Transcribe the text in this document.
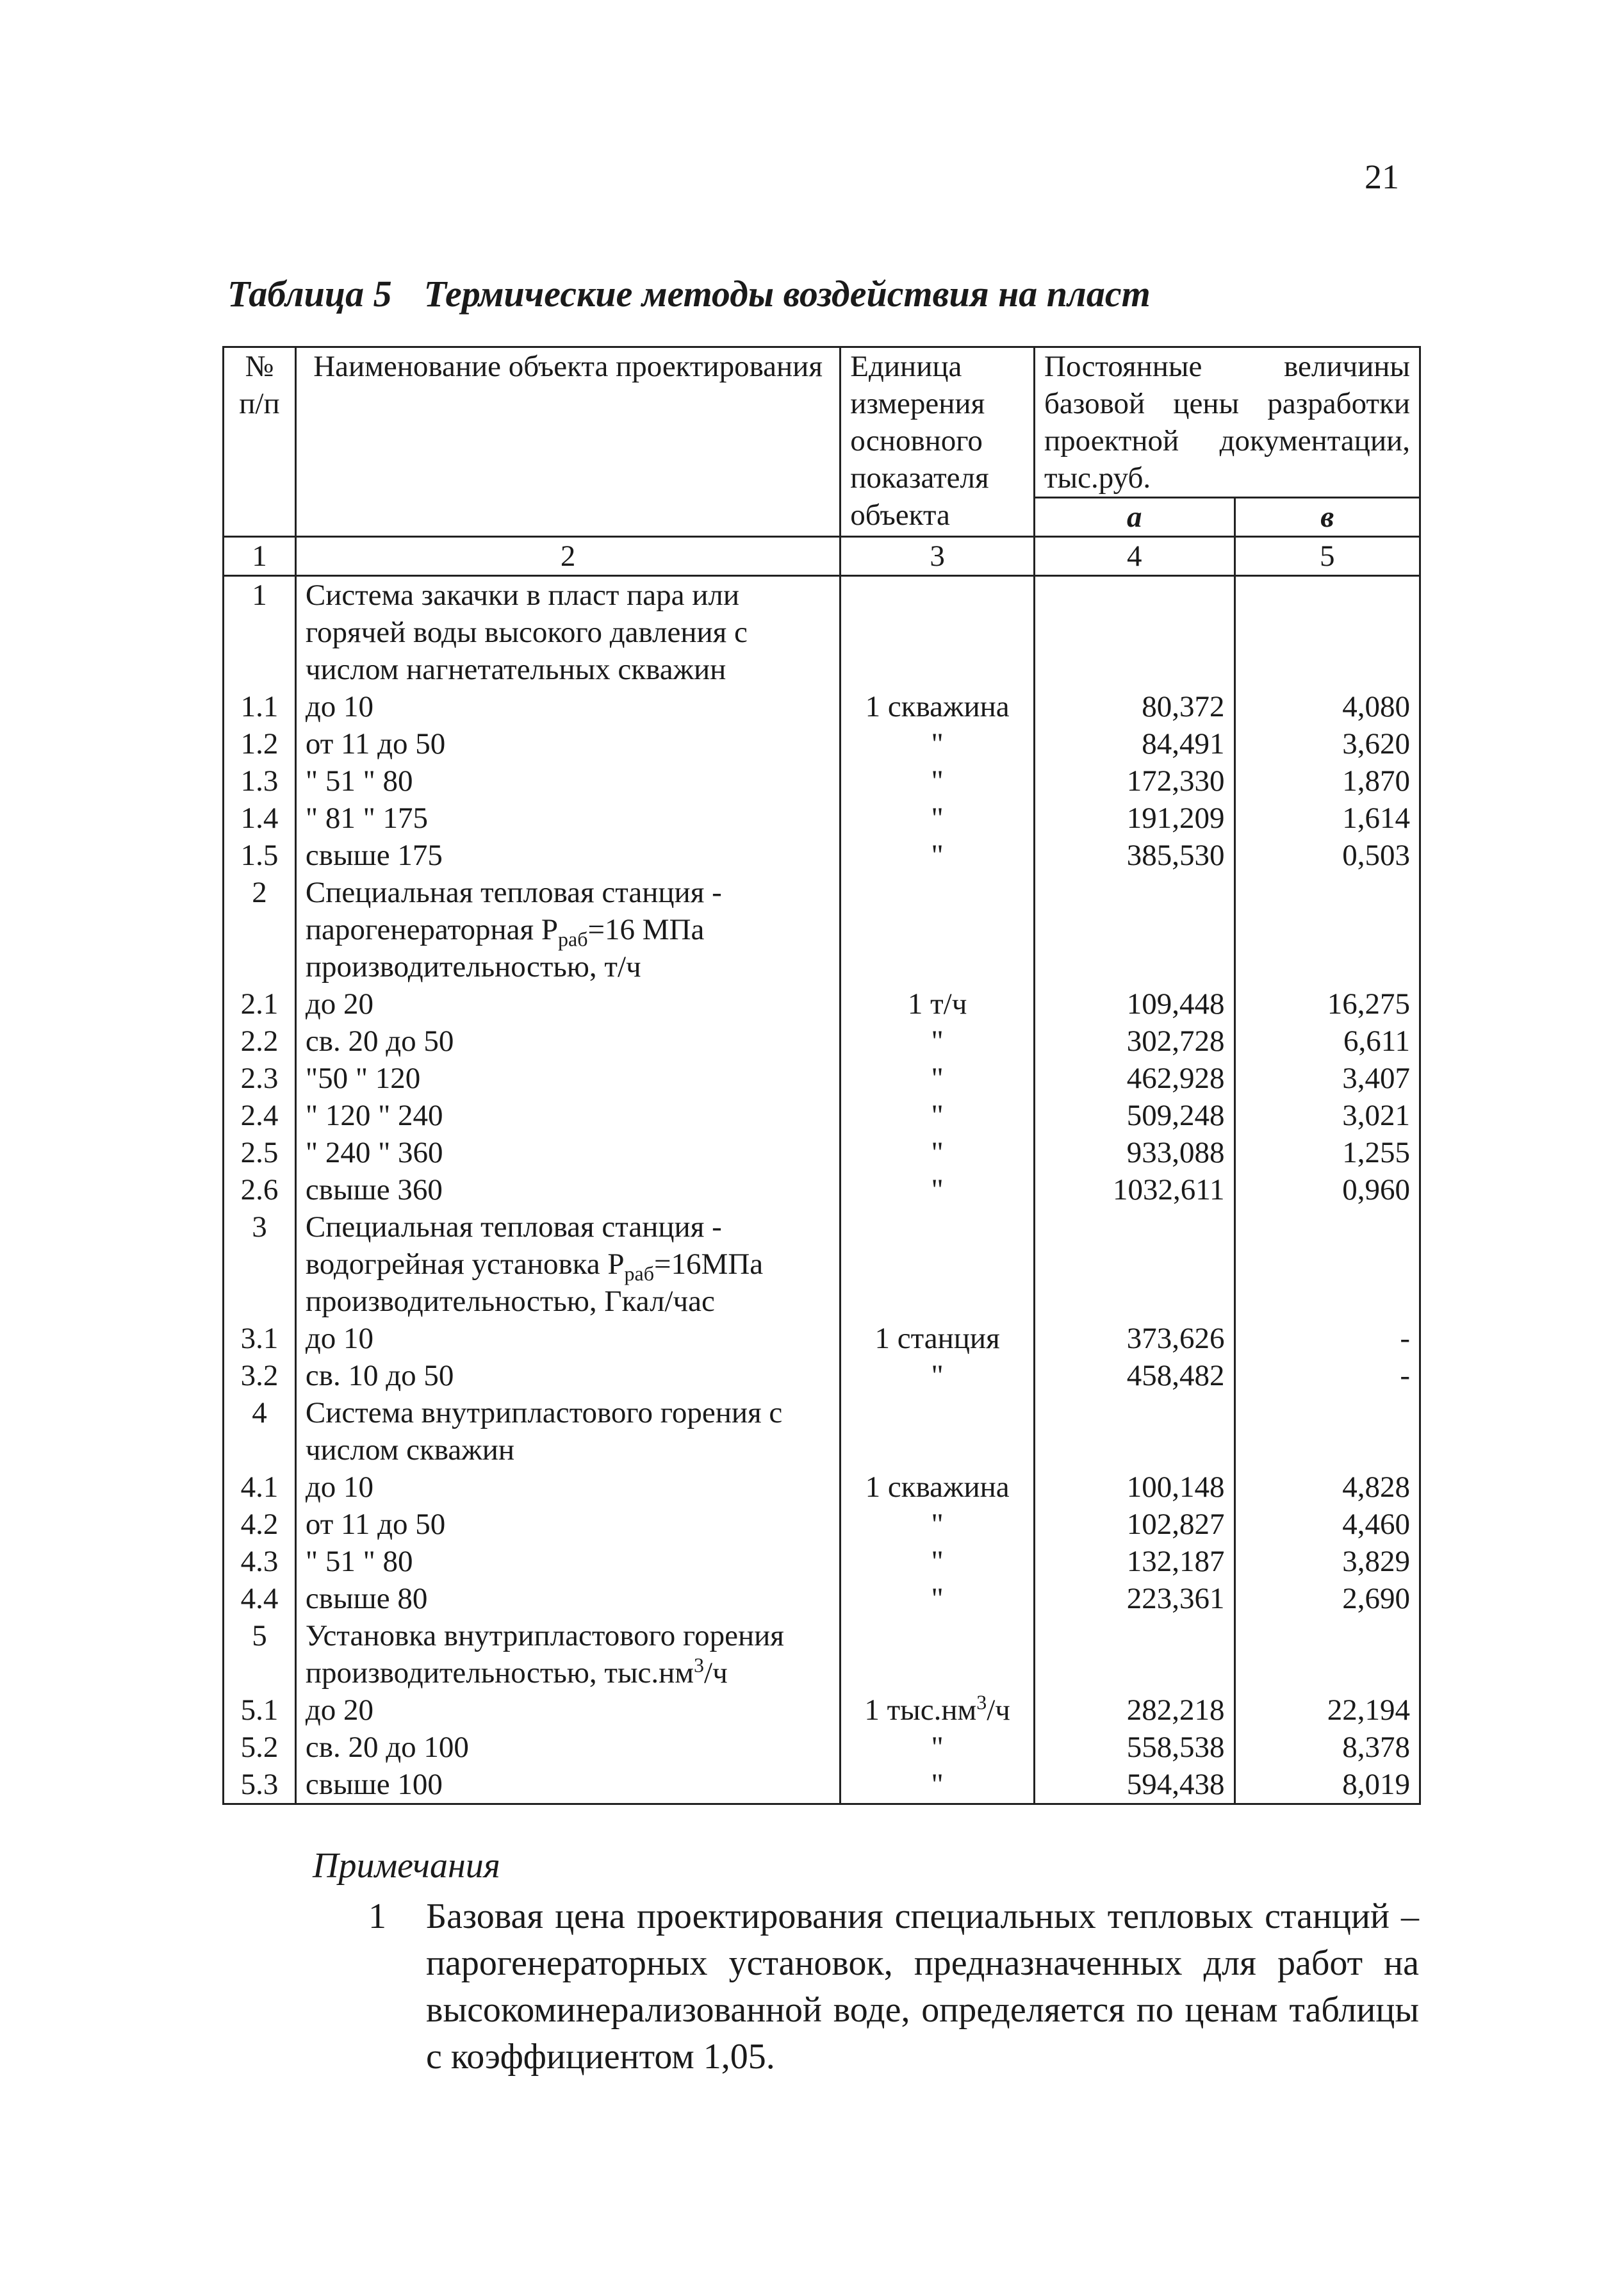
21
Таблица 5 Термические методы воздействия на пласт
№ п/п	Наименование объекта проектирования	Единица измерения основного показателя объекта	Постоянные величины базовой цены разработки проектной документации, тыс.руб.	
			а	в
1	2	3	4	5
1	Система закачки в пласт пара или горячей воды высокого давления с числом нагнетательных скважин			
1.1	до 10	1 скважина	80,372	4,080
1.2	от 11 до 50	"	84,491	3,620
1.3	" 51 " 80	"	172,330	1,870
1.4	" 81 " 175	"	191,209	1,614
1.5	свыше 175	"	385,530	0,503
2	Специальная тепловая станция - парогенераторная $Р_{раб}=16$ МПа производительностью, т/ч			
2.1	до 20	1 т/ч	109,448	16,275
2.2	св. 20 до 50	"	302,728	6,611
2.3	"50 " 120	"	462,928	3,407
2.4	" 120 " 240	"	509,248	3,021
2.5	" 240 " 360	"	933,088	1,255
2.6	свыше 360	"	1032,611	0,960
3	Специальная тепловая станция - водогрейная установка $Р_{раб}=16МПа$ производительностью, Гкал/час			
3.1	до 10	1 станция	373,626	-
3.2	св. 10 до 50	"	458,482	-
4	Система внутрипластового горения с числом скважин			
4.1	до 10	1 скважина	100,148	4,828
4.2	от 11 до 50	"	102,827	4,460
4.3	" 51 " 80	"	132,187	3,829
4.4	свыше 80	"	223,361	2,690
5	Установка внутрипластового горения производительностью, $тыс.нм^3/ч$			
5.1	до 20	1 $тыс.нм^3/ч$	282,218	22,194
5.2	св. 20 до 100	"	558,538	8,378
5.3	свыше 100	"	594,438	8,019
Примечания
1 Базовая цена проектирования специальных тепловых станций – парогенераторных установок, предназначенных для работ на высокоминерализованной воде, определяется по ценам таблицы с коэффициентом 1,05.
